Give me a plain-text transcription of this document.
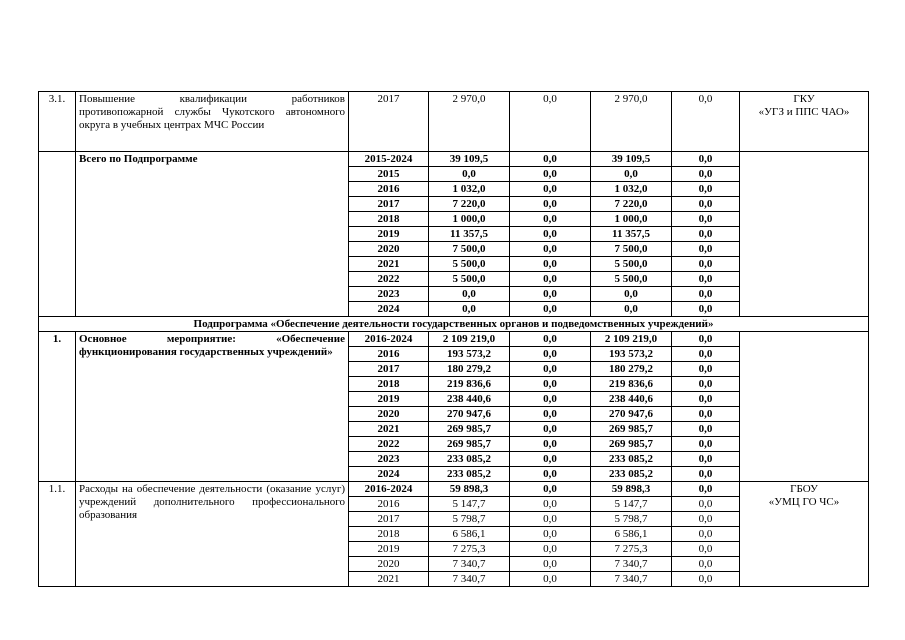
3.1.	Повышение квалификации работников противопожарной службы Чукотского автономного округа в учебных центрах МЧС России	2017	2 970,0	0,0	2 970,0	0,0	ГКУ
«УГЗ и ППС ЧАО»

	Всего по Подпрограмме	2015-2024	39 109,5	0,0	39 109,5	0,0	
		2015	0,0	0,0	0,0	0,0	
		2016	1 032,0	0,0	1 032,0	0,0	
		2017	7 220,0	0,0	7 220,0	0,0	
		2018	1 000,0	0,0	1 000,0	0,0	
		2019	11 357,5	0,0	11 357,5	0,0	
		2020	7 500,0	0,0	7 500,0	0,0	
		2021	5 500,0	0,0	5 500,0	0,0	
		2022	5 500,0	0,0	5 500,0	0,0	
		2023	0,0	0,0	0,0	0,0	
		2024	0,0	0,0	0,0	0,0	
Подпрограмма «Обеспечение деятельности государственных органов и подведомственных учреждений»							
1.	Основное мероприятие: «Обеспечение функционирования государственных учреждений»	2016-2024	2 109 219,0	0,0	2 109 219,0	0,0	
		2016	193 573,2	0,0	193 573,2	0,0	
		2017	180 279,2	0,0	180 279,2	0,0	
		2018	219 836,6	0,0	219 836,6	0,0	
		2019	238 440,6	0,0	238 440,6	0,0	
		2020	270 947,6	0,0	270 947,6	0,0	
		2021	269 985,7	0,0	269 985,7	0,0	
		2022	269 985,7	0,0	269 985,7	0,0	
		2023	233 085,2	0,0	233 085,2	0,0	
		2024	233 085,2	0,0	233 085,2	0,0	
1.1.	Расходы на обеспечение деятельности (оказание услуг) учреждений дополнительного профессионального образования	2016-2024	59 898,3	0,0	59 898,3	0,0	ГБОУ
«УМЦ ГО ЧС»

		2016	5 147,7	0,0	5 147,7	0,0	
		2017	5 798,7	0,0	5 798,7	0,0	
		2018	6 586,1	0,0	6 586,1	0,0	
		2019	7 275,3	0,0	7 275,3	0,0	
		2020	7 340,7	0,0	7 340,7	0,0	
		2021	7 340,7	0,0	7 340,7	0,0	
